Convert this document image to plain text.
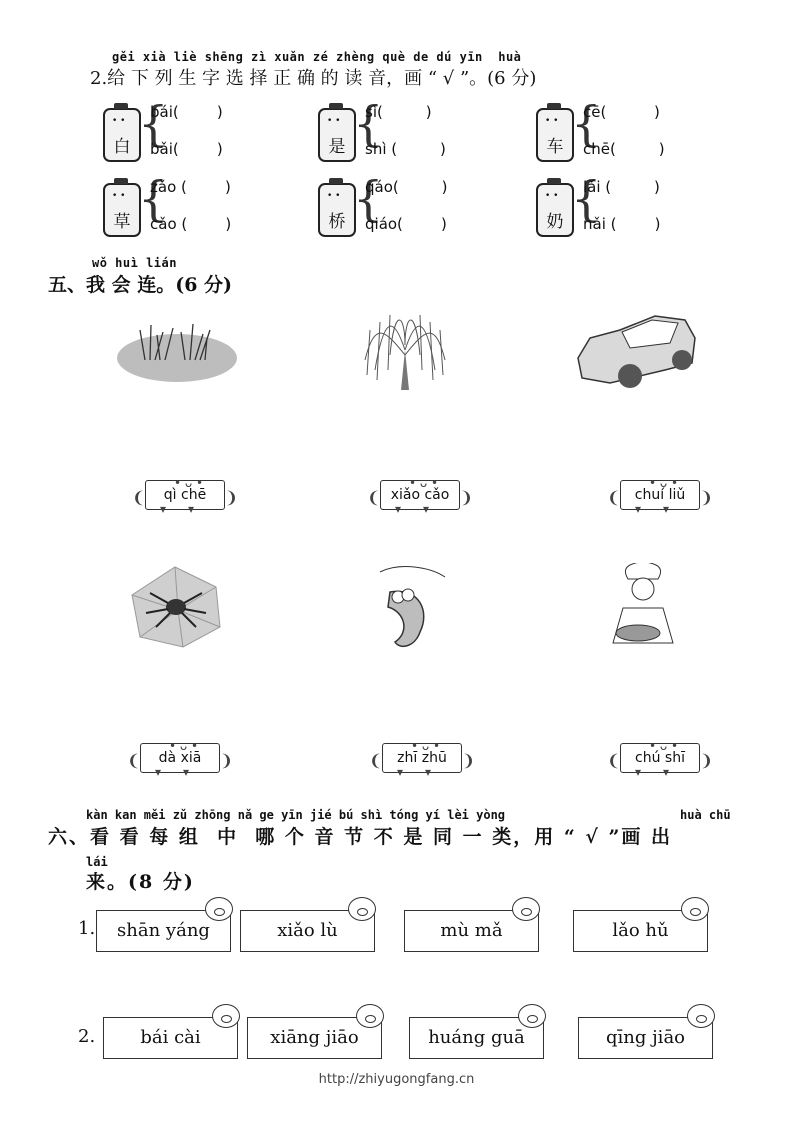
gěi xià liè shēng zì xuǎn zé zhèng què de dú yīn  huà
2.给 下 列 生 字 选 择 正 确 的 读 音，画 “ √ ”。(6 分)
• •
白 {
bái(        )
bǎi(        )
• •
是 {
sì(         )
shì (         )
• •
车 {
cē(          )
chē(         )
• •
草 {
zǎo (        )
cǎo (        )
• •
桥 {
qáo(         )
qiáo(        )
• •
奶 {
lǎi (         )
nǎi (        )
wǒ huì lián
五、我 会 连。(6 分)
❨
• ᴗ •
qì chē ❩
▾▾
❨
• ᴗ •
xiǎo cǎo ❩
▾▾
❨
• ᴗ •
chuí liǔ ❩
▾▾
❨
• ᴗ •
dà xiā ❩
▾▾
❨
• ᴗ •
zhī zhū ❩
▾▾
❨
• ᴗ •
chú shī ❩
▾▾
kàn kan měi zǔ zhōng nǎ ge yīn jié bú shì tóng yí lèi yòng	huà chū
六、看 看 每 组  中  哪 个 音 节 不 是 同 一 类，用 “ √ ”画 出
lái
来。(8 分)
1.	shān yáng	xiǎo lù	mù mǎ	lǎo hǔ
2.	bái cài	xiāng jiāo	huáng guā	qīng jiāo
http://zhiyugongfang.cn
